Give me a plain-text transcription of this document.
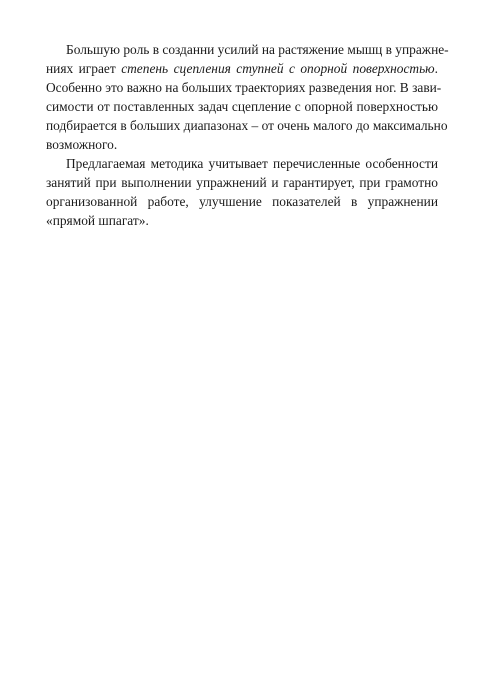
Большую роль в созданни усилий на растяжение мышц в упражне-
ниях играет степень сцепления ступней с опорной поверхностью.
Особенно это важно на больших траекториях разведения ног. В зави-
симости от поставленных задач сцепление с опорной поверхностью
подбирается в больших диапазонах – от очень малого до максимально
возможного.
Предлагаемая методика учитывает перечисленные особенности
занятий при выполнении упражнений и гарантирует, при грамотно
организованной работе, улучшение показателей в упражнении
«прямой шпагат».
